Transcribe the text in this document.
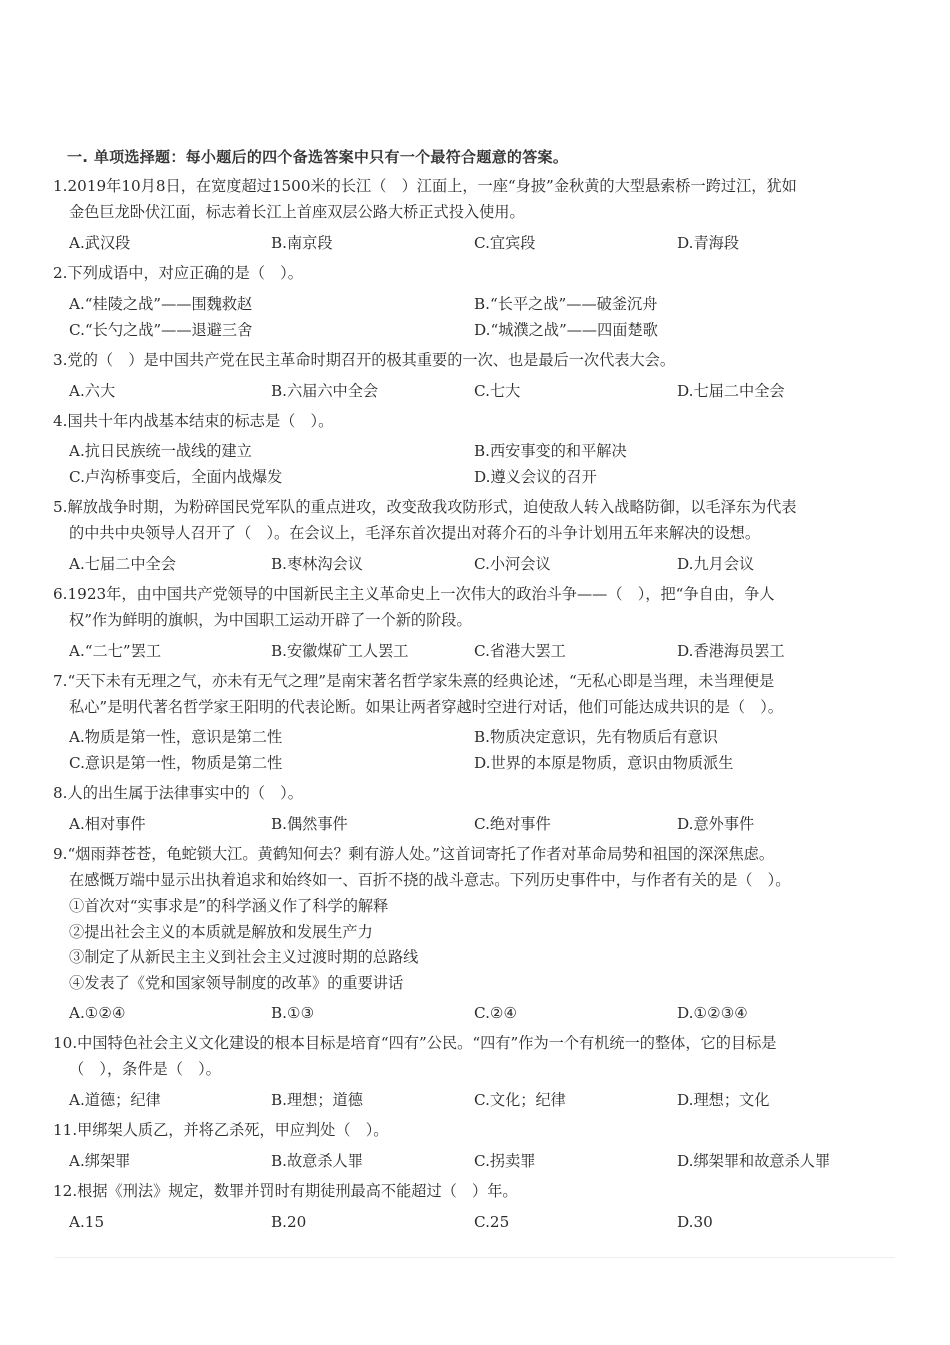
一. 单项选择题：每小题后的四个备选答案中只有一个最符合题意的答案。
1.2019年10月8日，在宽度超过1500米的长江（　）江面上，一座“身披”金秋黄的大型悬索桥一跨过江，犹如
金色巨龙卧伏江面，标志着长江上首座双层公路大桥正式投入使用。
A.武汉段	B.南京段	C.宜宾段	D.青海段
2.下列成语中，对应正确的是（　）。
A.“桂陵之战”——围魏救赵	B.“长平之战”——破釜沉舟
C.“长勺之战”——退避三舍	D.“城濮之战”——四面楚歌
3.党的（　）是中国共产党在民主革命时期召开的极其重要的一次、也是最后一次代表大会。
A.六大	B.六届六中全会	C.七大	D.七届二中全会
4.国共十年内战基本结束的标志是（　）。
A.抗日民族统一战线的建立	B.西安事变的和平解决
C.卢沟桥事变后，全面内战爆发	D.遵义会议的召开
5.解放战争时期，为粉碎国民党军队的重点进攻，改变敌我攻防形式，迫使敌人转入战略防御，以毛泽东为代表
的中共中央领导人召开了（　）。在会议上，毛泽东首次提出对蒋介石的斗争计划用五年来解决的设想。
A.七届二中全会	B.枣林沟会议	C.小河会议	D.九月会议
6.1923年，由中国共产党领导的中国新民主主义革命史上一次伟大的政治斗争——（　），把“争自由，争人
权”作为鲜明的旗帜，为中国职工运动开辟了一个新的阶段。
A.“二七”罢工	B.安徽煤矿工人罢工	C.省港大罢工	D.香港海员罢工
7.“天下未有无理之气，亦未有无气之理”是南宋著名哲学家朱熹的经典论述，“无私心即是当理，未当理便是
私心”是明代著名哲学家王阳明的代表论断。如果让两者穿越时空进行对话，他们可能达成共识的是（　）。
A.物质是第一性，意识是第二性	B.物质决定意识，先有物质后有意识
C.意识是第一性，物质是第二性	D.世界的本原是物质，意识由物质派生
8.人的出生属于法律事实中的（　）。
A.相对事件	B.偶然事件	C.绝对事件	D.意外事件
9.“烟雨莽苍苍，龟蛇锁大江。黄鹤知何去？剩有游人处。”这首词寄托了作者对革命局势和祖国的深深焦虑。
在感慨万端中显示出执着追求和始终如一、百折不挠的战斗意志。下列历史事件中，与作者有关的是（　）。
①首次对“实事求是”的科学涵义作了科学的解释
②提出社会主义的本质就是解放和发展生产力
③制定了从新民主主义到社会主义过渡时期的总路线
④发表了《党和国家领导制度的改革》的重要讲话
A.①②④	B.①③	C.②④	D.①②③④
10.中国特色社会主义文化建设的根本目标是培育“四有”公民。“四有”作为一个有机统一的整体，它的目标是
（　），条件是（　）。
A.道德；纪律	B.理想；道德	C.文化；纪律	D.理想；文化
11.甲绑架人质乙，并将乙杀死，甲应判处（　）。
A.绑架罪	B.故意杀人罪	C.拐卖罪	D.绑架罪和故意杀人罪
12.根据《刑法》规定，数罪并罚时有期徒刑最高不能超过（　）年。
A.15	B.20	C.25	D.30
